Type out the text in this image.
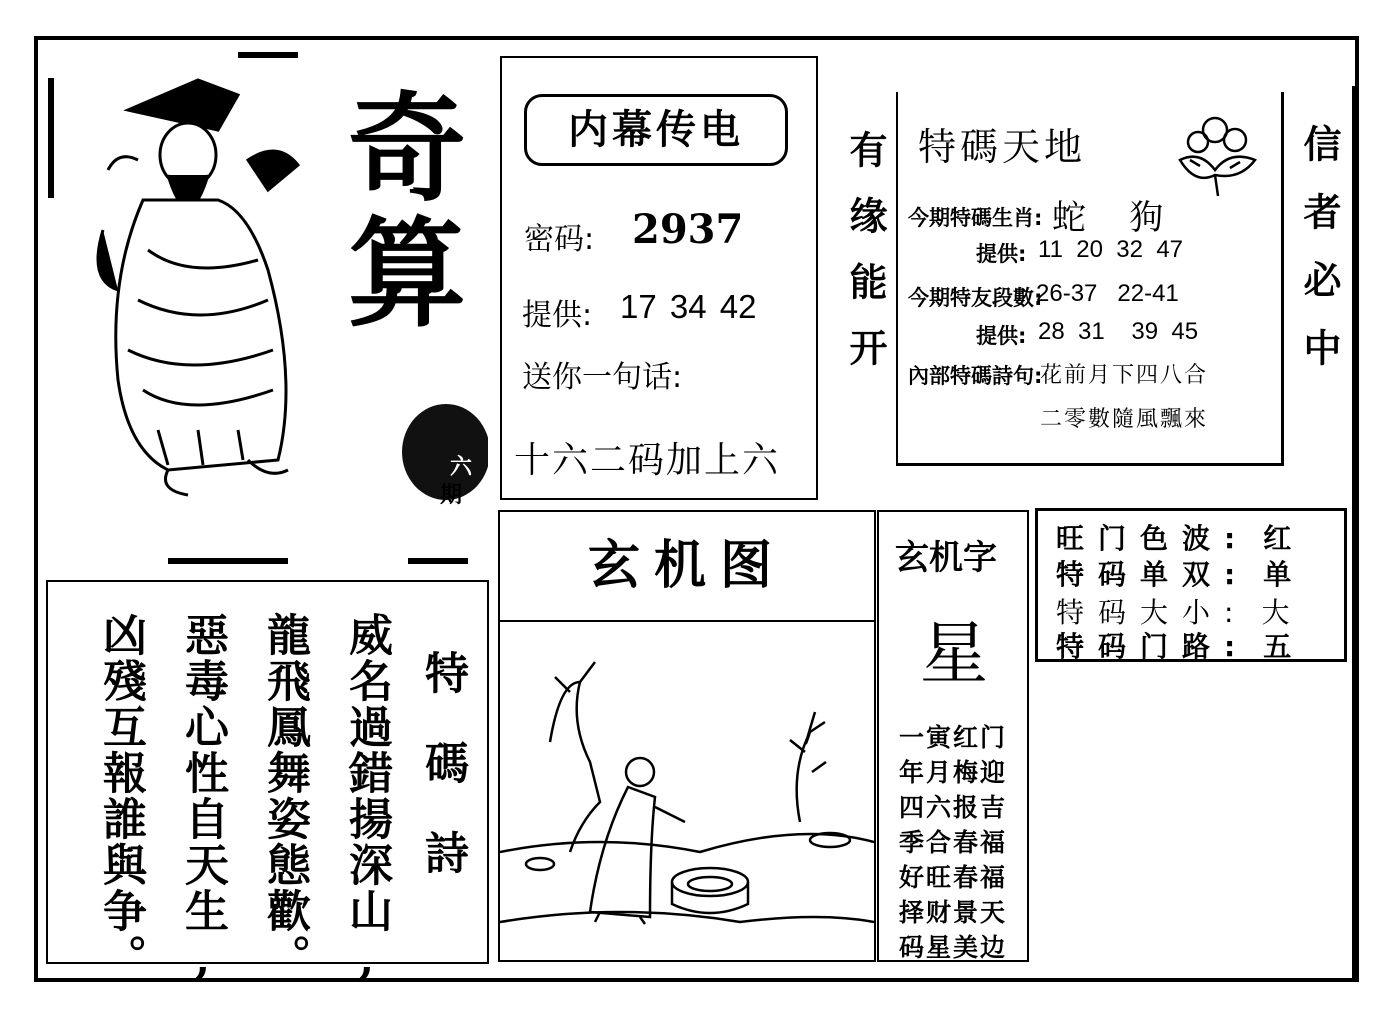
奇
算
六
期
内幕传电
密码: 2937
提供: 17 34 42
送你一句话:
十六二码加上六
有缘能开	信者必中
特碼天地
今期特碼生肖: 蛇    狗
提供: 11  20  32  47
今期特友段數:
26-37   22-41
提供: 28  31    39  45
內部特碼詩句:
花前月下四八合
二零數隨風飄來
旺门色波: 红
特码单双: 单
特码大小: 大
特码门路: 五
特碼詩
威名過錯揚深山,
龍飛鳳舞姿態歡。
惡毒心性自天生,
凶殘互報誰與争。
玄机图	玄机字
星
一寅红门
年月梅迎
四六报吉
季合春福
好旺春福
择财景天
码星美边
